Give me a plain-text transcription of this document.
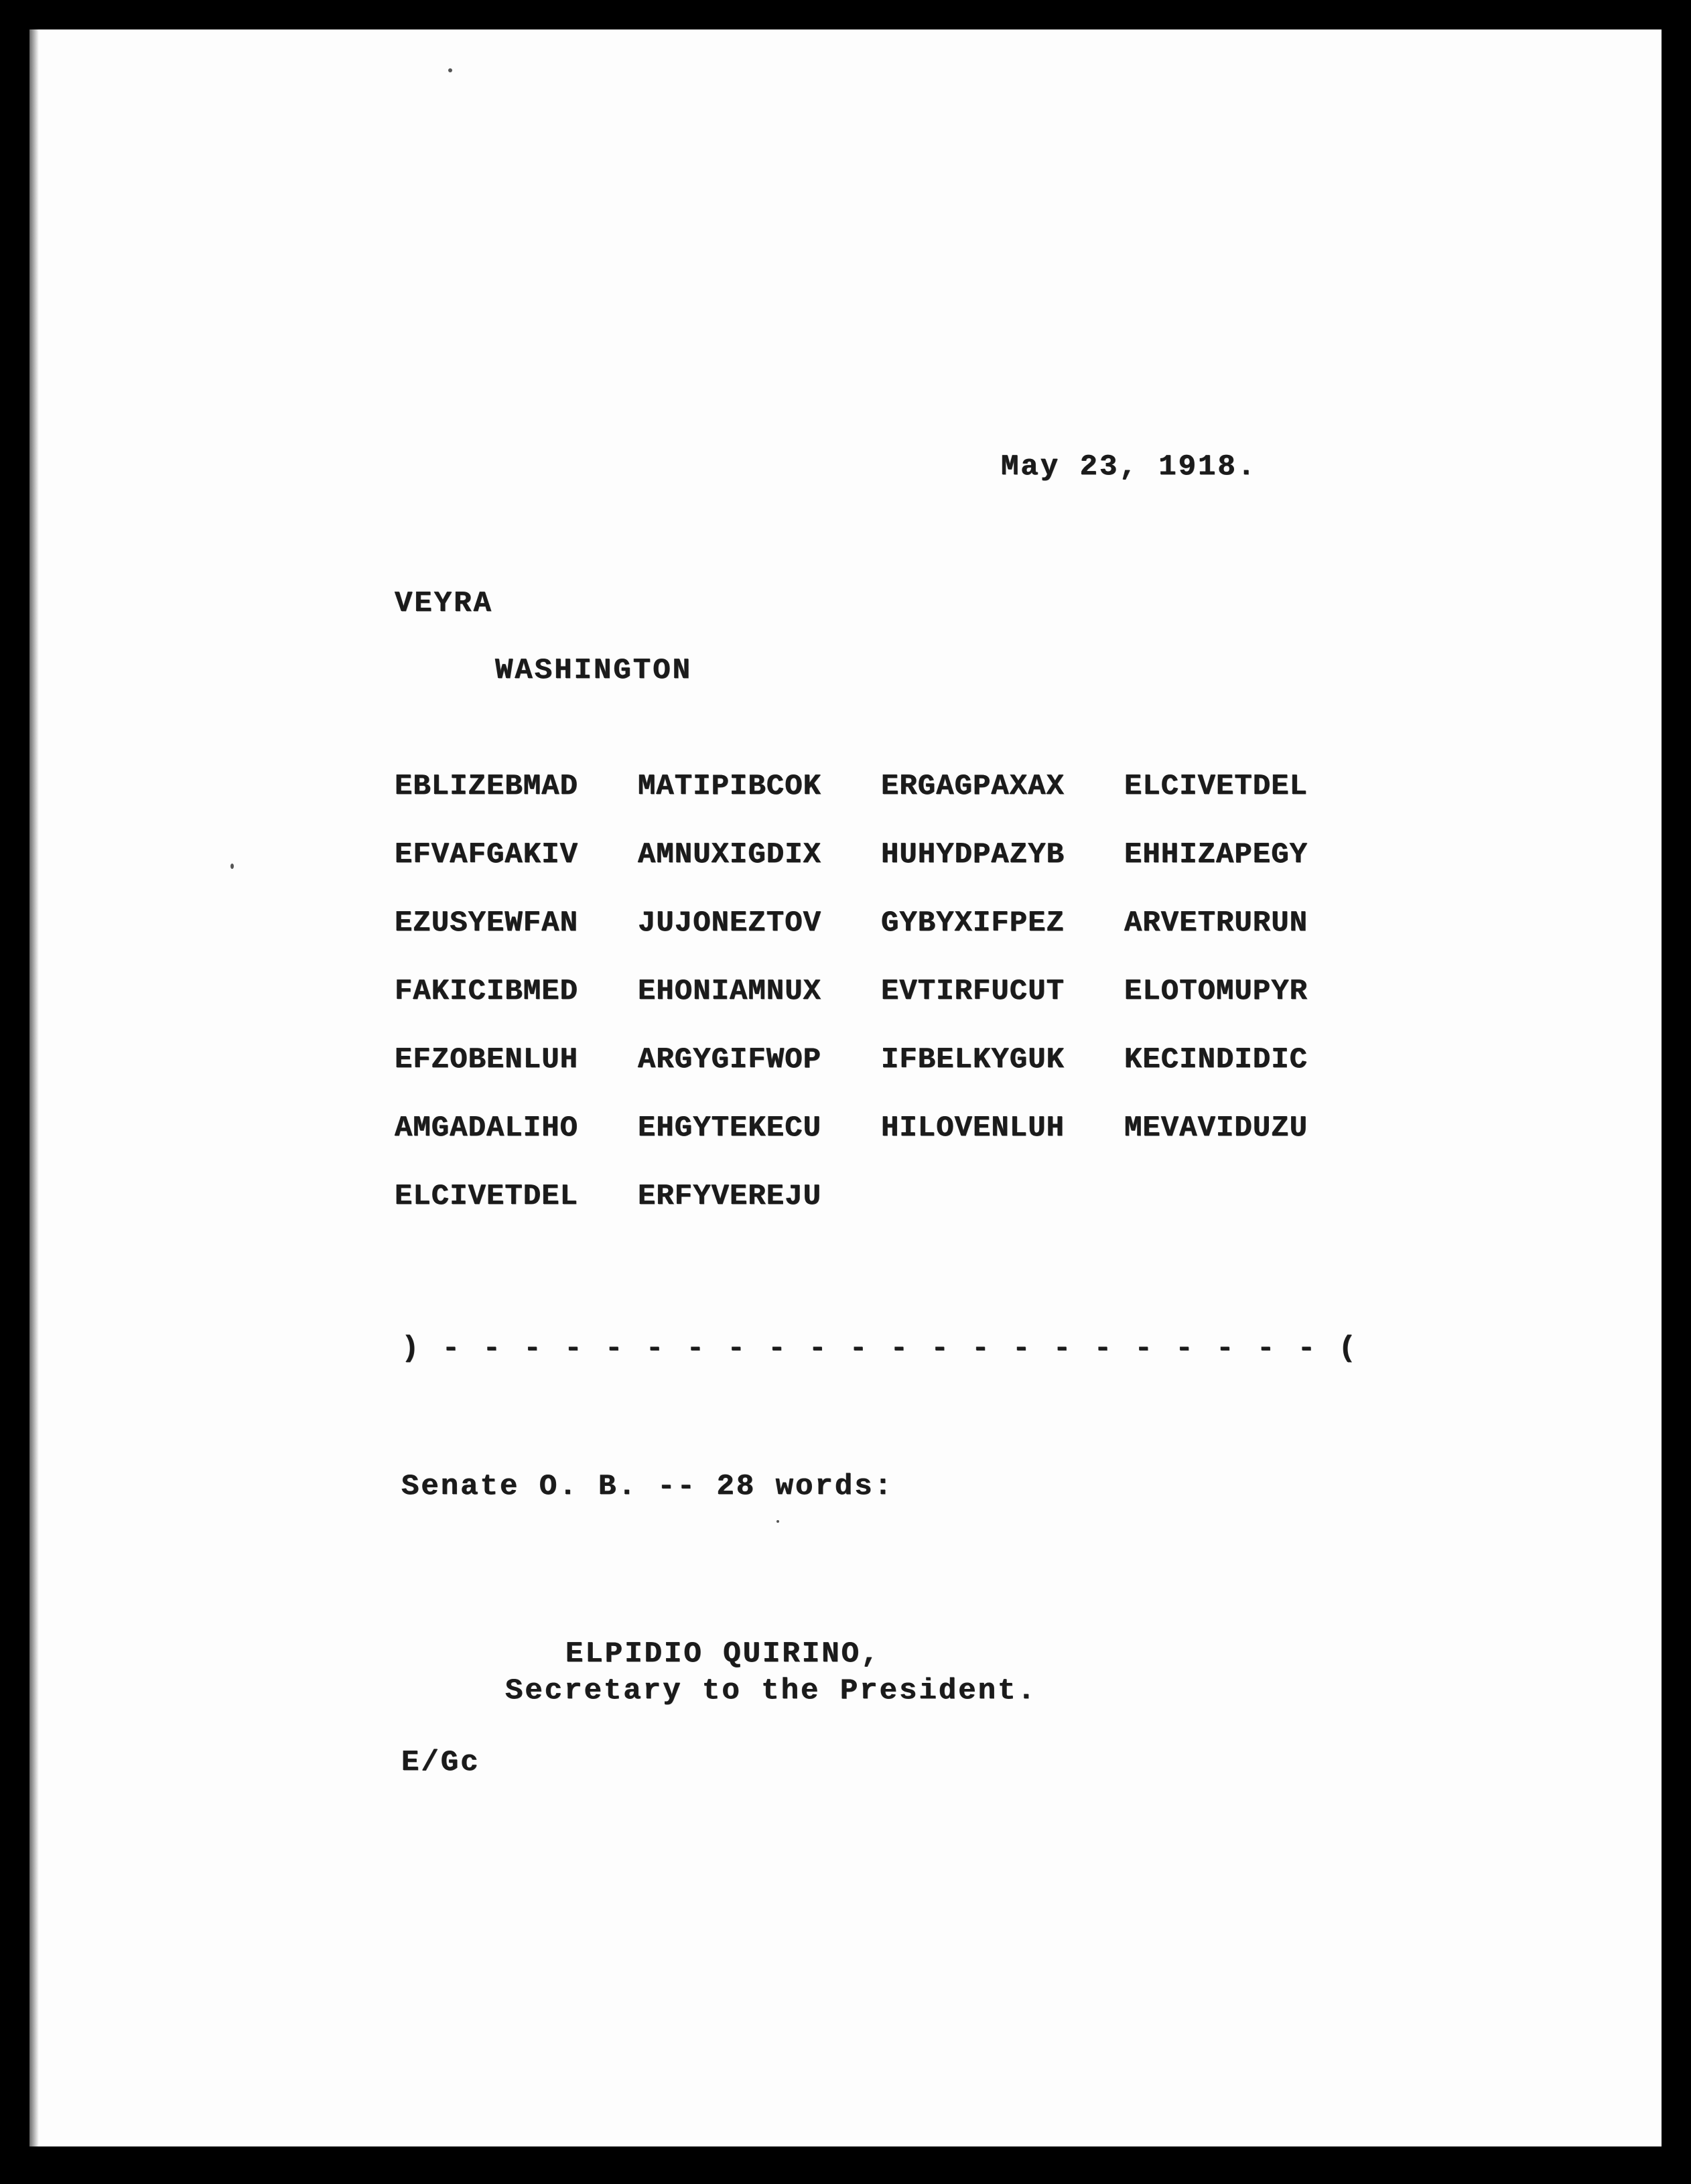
May 23, 1918.
VEYRA
WASHINGTON
EBLIZEBMAD	MATIPIBCOK	ERGAGPAXAX	ELCIVETDEL
EFVAFGAKIV	AMNUXIGDIX	HUHYDPAZYB	EHHIZAPEGY
EZUSYEWFAN	JUJONEZTOV	GYBYXIFPEZ	ARVETRURUN
FAKICIBMED	EHONIAMNUX	EVTIRFUCUT	ELOTOMUPYR
EFZOBENLUH	ARGYGIFWOP	IFBELKYGUK	KECINDIDIC
AMGADALIHO	EHGYTEKECU	HILOVENLUH	MEVAVIDUZU
ELCIVETDEL	ERFYVEREJU
) - - - - - - - - - - - - - - - - - - - - - - (
Senate O. B. -- 28 words:
ELPIDIO QUIRINO,
Secretary to the President.
E/Gc
